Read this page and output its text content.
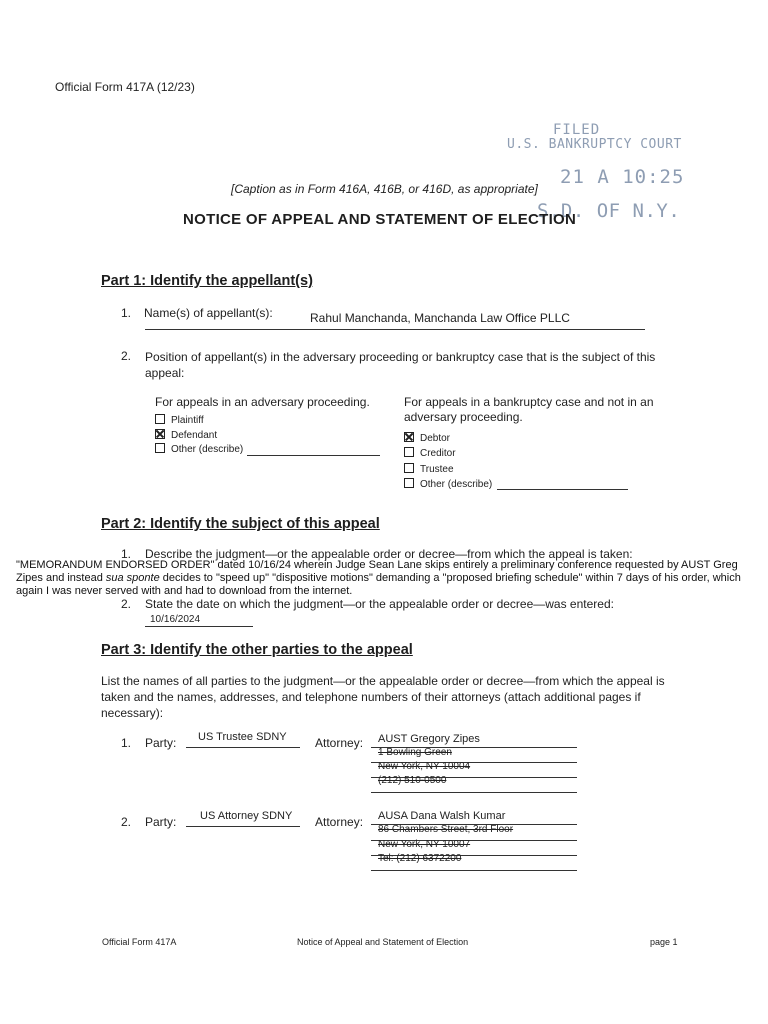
Official Form 417A (12/23)
FILED
U.S. BANKRUPTCY COURT
21 A 10:25
S.D. OF N.Y.
[Caption as in Form 416A, 416B, or 416D, as appropriate]
NOTICE OF APPEAL AND STATEMENT OF ELECTION
Part 1: Identify the appellant(s)
1. Name(s) of appellant(s):	Rahul Manchanda, Manchanda Law Office PLLC
2. Position of appellant(s) in the adversary proceeding or bankruptcy case that is the subject of this appeal:
For appeals in an adversary proceeding.
Plaintiff
Defendant
Other (describe)
For appeals in a bankruptcy case and not in an adversary proceeding.
Debtor
Creditor
Trustee
Other (describe)
Part 2: Identify the subject of this appeal
1. Describe the judgment—or the appealable order or decree—from which the appeal is taken:
"MEMORANDUM ENDORSED ORDER" dated 10/16/24 wherein Judge Sean Lane skips entirely a preliminary conference requested by AUST Greg Zipes and instead sua sponte decides to "speed up" "dispositive motions" demanding a "proposed briefing schedule" within 7 days of his order, which again I was never served with and had to download from the internet.
2. State the date on which the judgment—or the appealable order or decree—was entered:
10/16/2024
Part 3: Identify the other parties to the appeal
List the names of all parties to the judgment—or the appealable order or decree—from which the appeal is taken and the names, addresses, and telephone numbers of their attorneys (attach additional pages if necessary):
1. Party: US Trustee SDNY Attorney: AUST Gregory Zipes
1 Bowling Green
New York, NY 10004
(212) 510-0500
2. Party: US Attorney SDNY Attorney: AUSA Dana Walsh Kumar
86 Chambers Street, 3rd Floor
New York, NY 10007
Tel: (212) 6372200
Official Form 417A	Notice of Appeal and Statement of Election	page 1
